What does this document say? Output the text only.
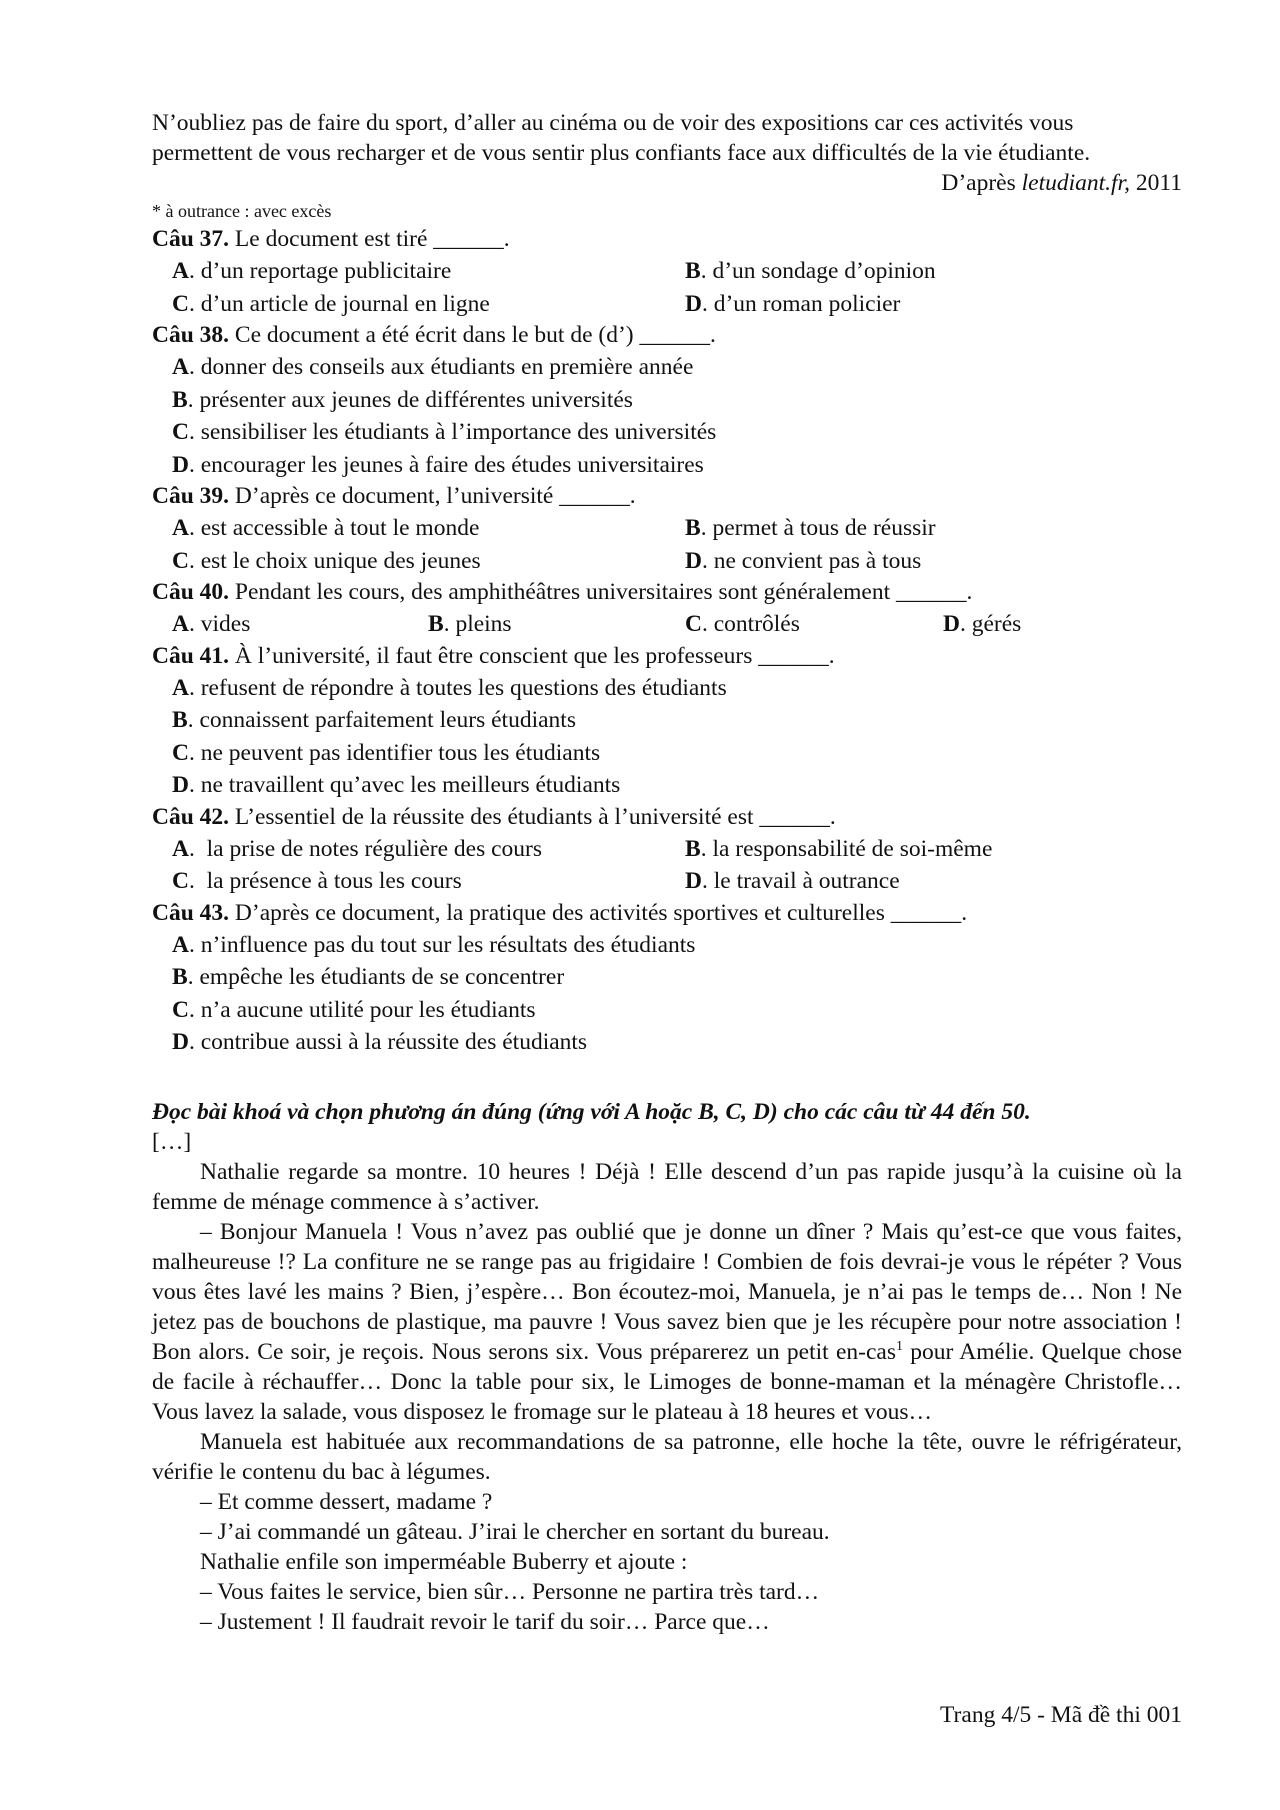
N’oubliez pas de faire du sport, d’aller au cinéma ou de voir des expositions car ces activités vous
permettent de vous recharger et de vous sentir plus confiants face aux difficultés de la vie étudiante.
D’après letudiant.fr, 2011
* à outrance : avec excès
Câu 37. Le document est tiré ______.
A. d’un reportage publicitaire	B. d’un sondage d’opinion
C. d’un article de journal en ligne	D. d’un roman policier
Câu 38. Ce document a été écrit dans le but de (d’) ______.
A. donner des conseils aux étudiants en première année
B. présenter aux jeunes de différentes universités
C. sensibiliser les étudiants à l’importance des universités
D. encourager les jeunes à faire des études universitaires
Câu 39. D’après ce document, l’université ______.
A. est accessible à tout le monde	B. permet à tous de réussir
C. est le choix unique des jeunes	D. ne convient pas à tous
Câu 40. Pendant les cours, des amphithéâtres universitaires sont généralement ______.
A. vides	B. pleins	C. contrôlés	D. gérés
Câu 41. À l’université, il faut être conscient que les professeurs ______.
A. refusent de répondre à toutes les questions des étudiants
B. connaissent parfaitement leurs étudiants
C. ne peuvent pas identifier tous les étudiants
D. ne travaillent qu’avec les meilleurs étudiants
Câu 42. L’essentiel de la réussite des étudiants à l’université est ______.
A.  la prise de notes régulière des cours	B. la responsabilité de soi-même
C.  la présence à tous les cours	D. le travail à outrance
Câu 43. D’après ce document, la pratique des activités sportives et culturelles ______.
A. n’influence pas du tout sur les résultats des étudiants
B. empêche les étudiants de se concentrer
C. n’a aucune utilité pour les étudiants
D. contribue aussi à la réussite des étudiants
Đọc bài khoá và chọn phương án đúng (ứng với A hoặc B, C, D) cho các câu từ 44 đến 50.
[…]
Nathalie regarde sa montre. 10 heures ! Déjà ! Elle descend d’un pas rapide jusqu’à la cuisine où la femme de ménage commence à s’activer.
– Bonjour Manuela ! Vous n’avez pas oublié que je donne un dîner ? Mais qu’est-ce que vous faites, malheureuse !? La confiture ne se range pas au frigidaire ! Combien de fois devrai-je vous le répéter ? Vous vous êtes lavé les mains ? Bien, j’espère… Bon écoutez-moi, Manuela, je n’ai pas le temps de… Non ! Ne jetez pas de bouchons de plastique, ma pauvre ! Vous savez bien que je les récupère pour notre association ! Bon alors. Ce soir, je reçois. Nous serons six. Vous préparerez un petit en-cas$^1$ pour Amélie. Quelque chose de facile à réchauffer… Donc la table pour six, le Limoges de bonne-maman et la ménagère Christofle… Vous lavez la salade, vous disposez le fromage sur le plateau à 18 heures et vous…
Manuela est habituée aux recommandations de sa patronne, elle hoche la tête, ouvre le réfrigérateur, vérifie le contenu du bac à légumes.
– Et comme dessert, madame ?
– J’ai commandé un gâteau. J’irai le chercher en sortant du bureau.
Nathalie enfile son imperméable Buberry et ajoute :
– Vous faites le service, bien sûr… Personne ne partira très tard…
– Justement ! Il faudrait revoir le tarif du soir… Parce que…
Trang 4/5 - Mã đề thi 001
